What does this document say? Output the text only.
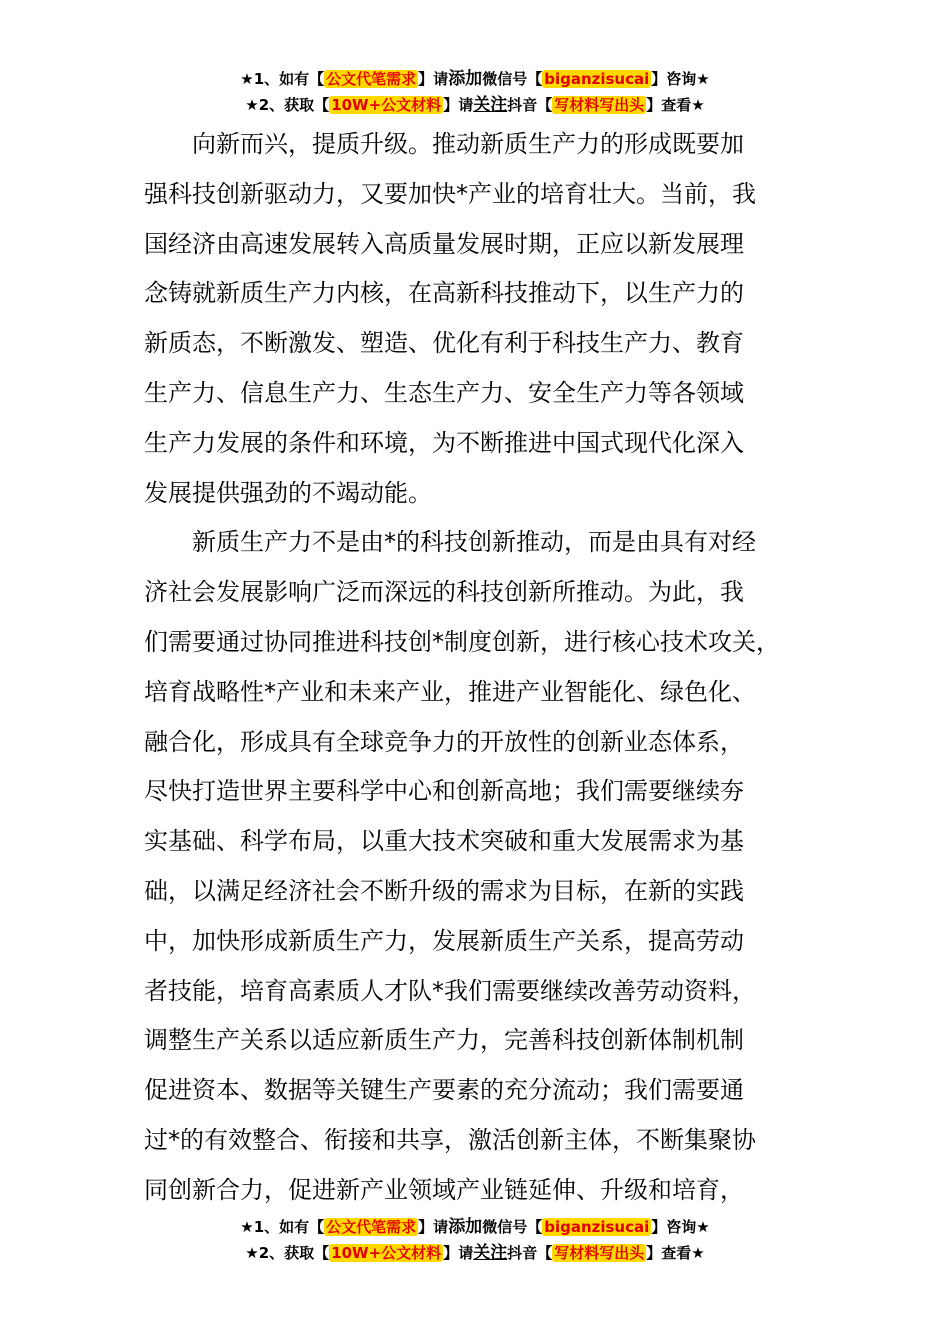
★1、如有【 公文代笔需求 】请添加微信号【 biganzisucai 】咨询★
★2、获取【 10W+公文材料 】请关注抖音【 写材料写出头 】查看★
向新而兴，提质升级。推动新质生产力的形成既要加
强科技创新驱动力，又要加快*产业的培育壮大。当前，我
国经济由高速发展转入高质量发展时期，正应以新发展理
念铸就新质生产力内核，在高新科技推动下，以生产力的
新质态，不断激发、塑造、优化有利于科技生产力、教育
生产力、信息生产力、生态生产力、安全生产力等各领域
生产力发展的条件和环境，为不断推进中国式现代化深入
发展提供强劲的不竭动能。
新质生产力不是由*的科技创新推动，而是由具有对经
济社会发展影响广泛而深远的科技创新所推动。为此，我
们需要通过协同推进科技创*制度创新，进行核心技术攻关，
培育战略性*产业和未来产业，推进产业智能化、绿色化、
融合化，形成具有全球竞争力的开放性的创新业态体系，
尽快打造世界主要科学中心和创新高地；我们需要继续夯
实基础、科学布局，以重大技术突破和重大发展需求为基
础，以满足经济社会不断升级的需求为目标，在新的实践
中，加快形成新质生产力，发展新质生产关系，提高劳动
者技能，培育高素质人才队*我们需要继续改善劳动资料，
调整生产关系以适应新质生产力，完善科技创新体制机制
促进资本、数据等关键生产要素的充分流动；我们需要通
过*的有效整合、衔接和共享，激活创新主体，不断集聚协
同创新合力，促进新产业领域产业链延伸、升级和培育，
★1、如有【 公文代笔需求 】请添加微信号【 biganzisucai 】咨询★
★2、获取【 10W+公文材料 】请关注抖音【 写材料写出头 】查看★
